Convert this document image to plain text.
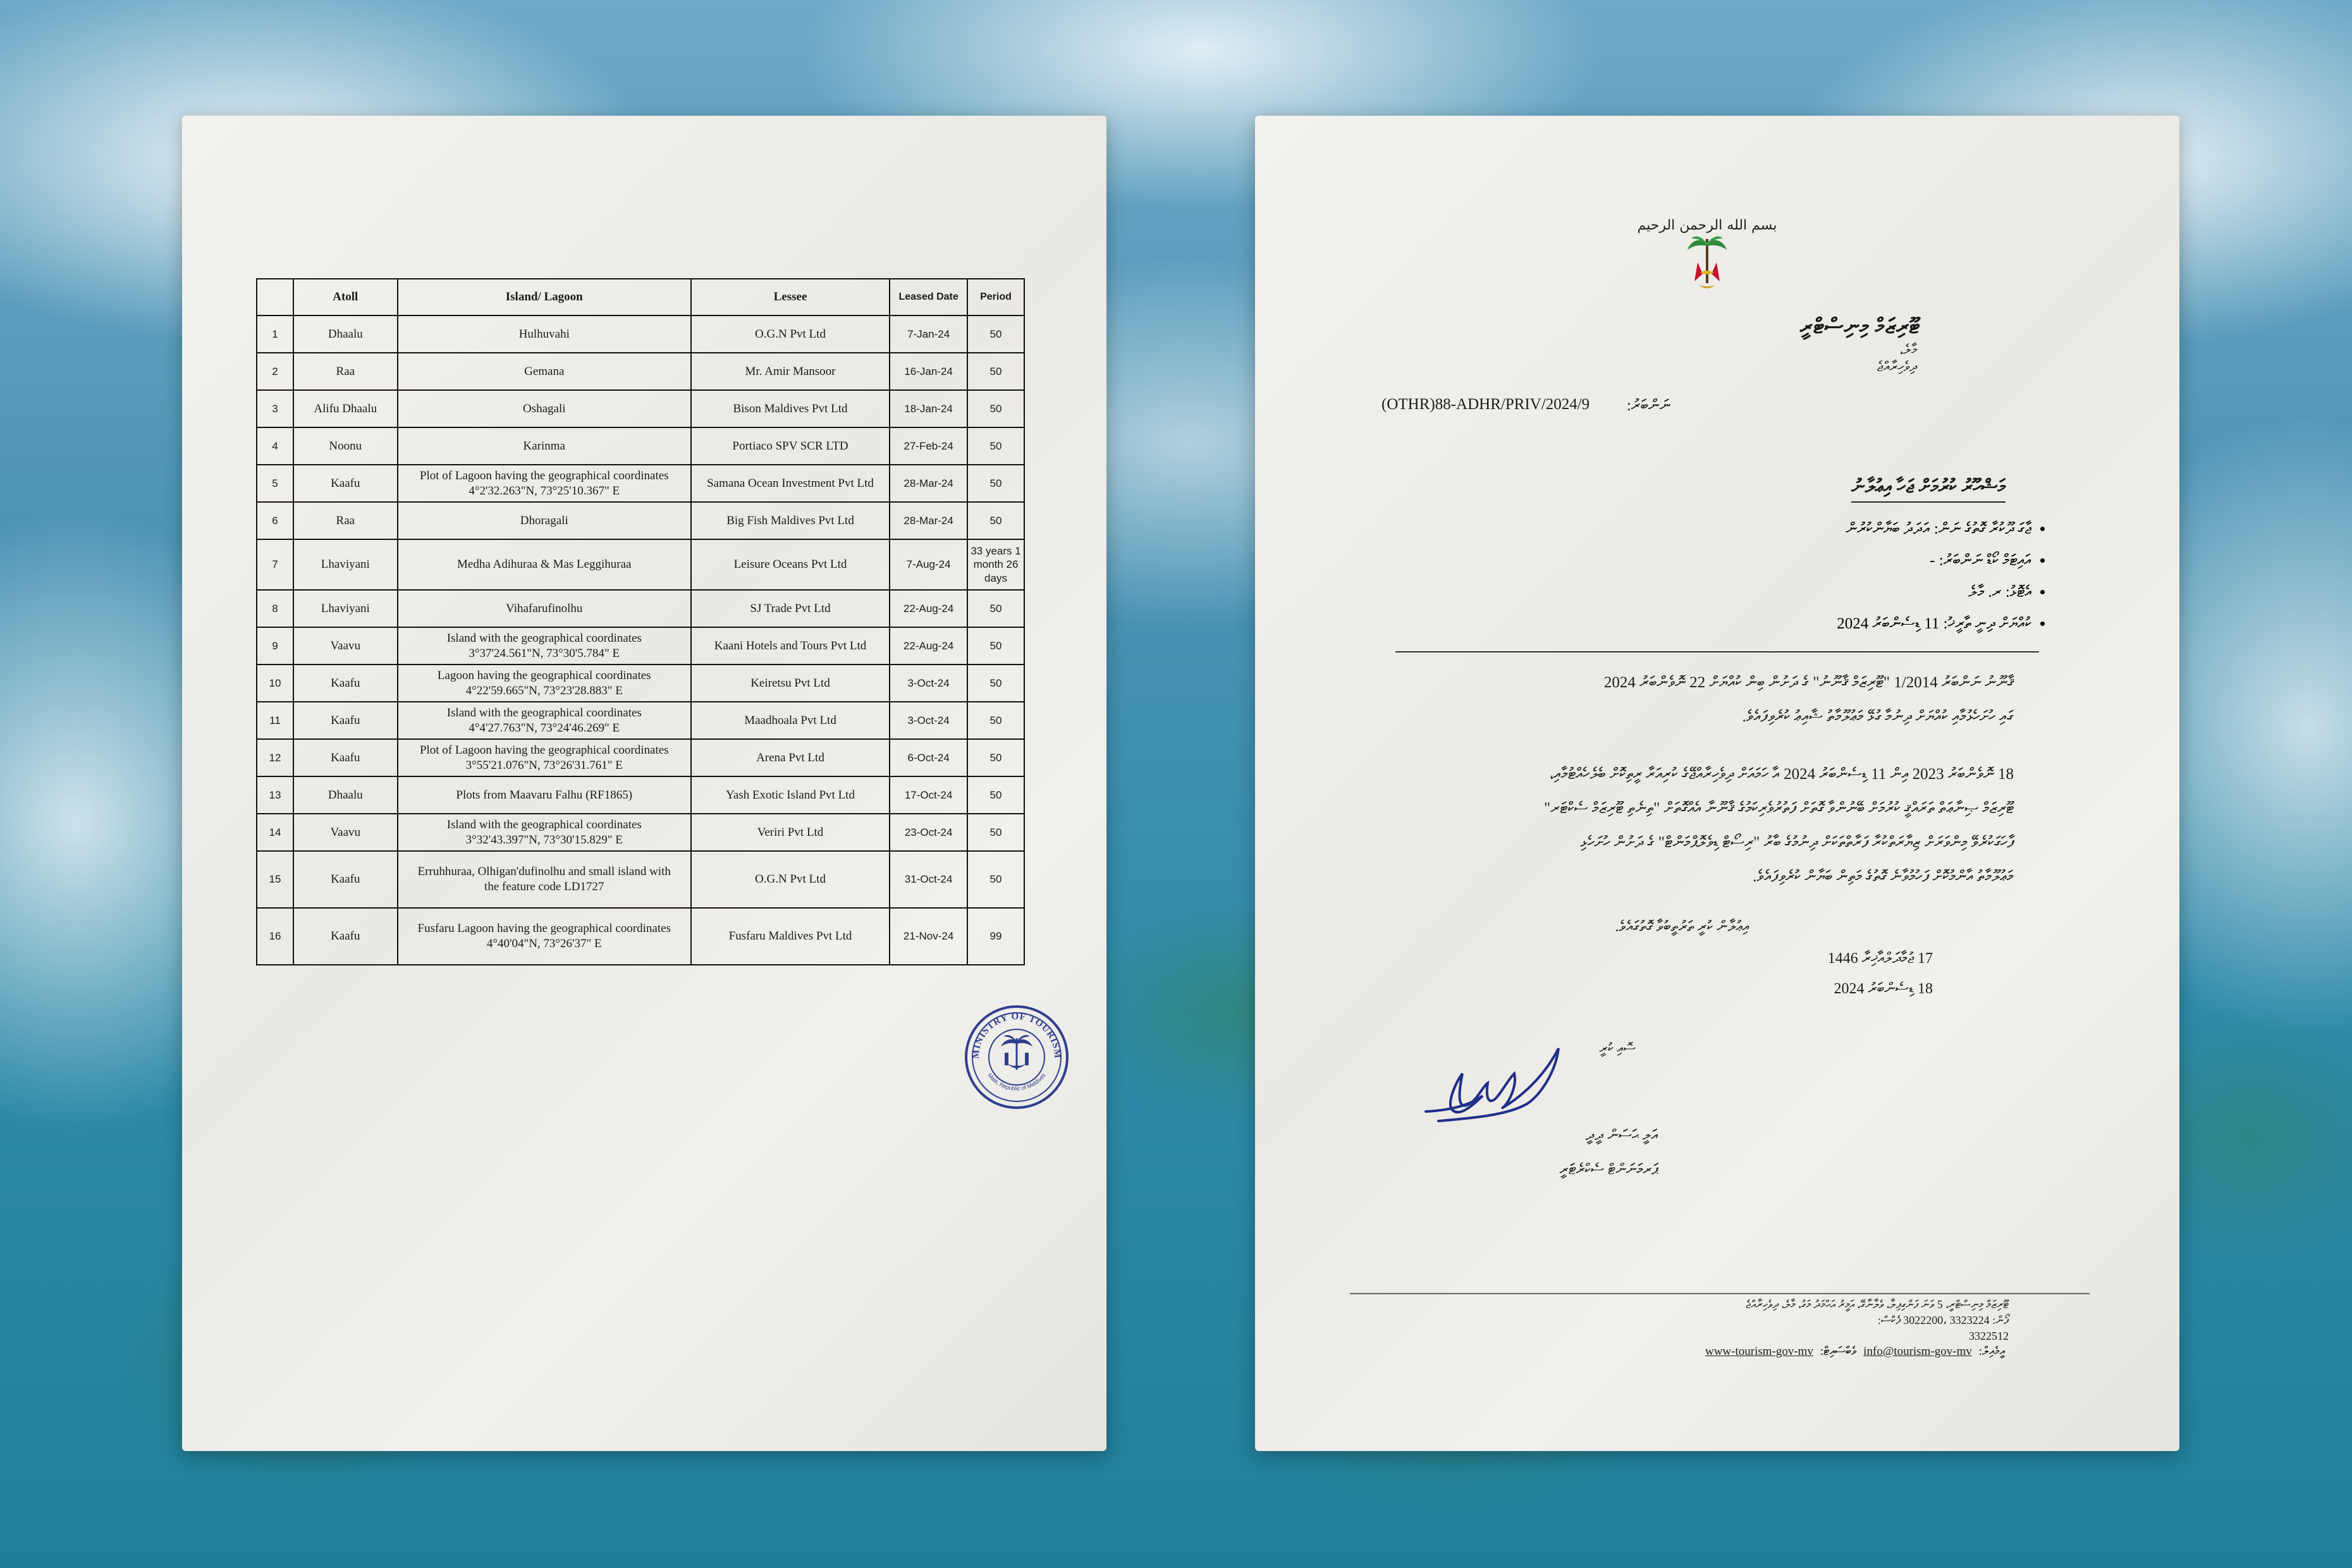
	Atoll	Island/ Lagoon	Lessee	Leased Date	Period
1	Dhaalu	Hulhuvahi	O.G.N Pvt Ltd	7-Jan-24	50

2	Raa	Gemana	Mr. Amir Mansoor	16-Jan-24	50

3	Alifu Dhaalu	Oshagali	Bison Maldives Pvt Ltd	18-Jan-24	50

4	Noonu	Karinma	Portiaco SPV SCR LTD	27-Feb-24	50

5	Kaafu	Plot of Lagoon having the geographical coordinates
4°2'32.263"N, 73°25'10.367" E	Samana Ocean Investment Pvt Ltd	28-Mar-24	50

6	Raa	Dhoragali	Big Fish Maldives Pvt Ltd	28-Mar-24	50

7	Lhaviyani	Medha Adihuraa & Mas Leggihuraa	Leisure Oceans Pvt Ltd	7-Aug-24	33 years 1
month 26 days

8	Lhaviyani	Vihafarufinolhu	SJ Trade Pvt Ltd	22-Aug-24	50

9	Vaavu	Island with the geographical coordinates
3°37'24.561"N, 73°30'5.784" E	Kaani Hotels and Tours Pvt Ltd	22-Aug-24	50

10	Kaafu	Lagoon having the geographical coordinates
4°22'59.665"N, 73°23'28.883" E	Keiretsu Pvt Ltd	3-Oct-24	50

11	Kaafu	Island with the geographical coordinates
4°4'27.763"N, 73°24'46.269" E	Maadhoala Pvt Ltd	3-Oct-24	50

12	Kaafu	Plot of Lagoon having the geographical coordinates
3°55'21.076"N, 73°26'31.761" E	Arena Pvt Ltd	6-Oct-24	50

13	Dhaalu	Plots from Maavaru Falhu (RF1865)	Yash Exotic Island Pvt Ltd	17-Oct-24	50

14	Vaavu	Island with the geographical coordinates
3°32'43.397"N, 73°30'15.829" E	Veriri Pvt Ltd	23-Oct-24	50

15	Kaafu	Erruhhuraa, Olhigan'dufinolhu and small island with
the feature code LD1727	O.G.N Pvt Ltd	31-Oct-24	50

16	Kaafu	Fusfaru Lagoon having the geographical coordinates
4°40'04"N, 73°26'37" E	Fusfaru Maldives Pvt Ltd	21-Nov-24	99
MINISTRY OF TOURISM
Malé, Republic of Maldives
بسم الله الرحمن الرحيم
ޓޫރިޒަމް މިނިސްޓްރީ
މާލެ،
ދިވެހިރާއްޖެ
ނަންބަރު:
(OTHR)88-ADHR/PRIV/2024/9
މަޝްހޫރު ކުރުމަށް ޖަހާ އިޢުލާނު
• ޖާގަ ދޫކުރާ ގޮތުގެ ނަން: އަދަދު ބަޔާންކުރުން
• އައިޓަމް ކޯޑް ނަންބަރު: -
• އެޓޮޅު: ރ. މާލެ
• ކުއްޔަށް ދިނީ ތާރީޚު: 11 ޑިސެންބަރު 2024
ޤާނޫނު ނަންބަރު 1/2014 "ޓޫރިޒަމް ޤާނޫނު" ގެ ދަށުން ބިން ކުއްޔަށް 22 ނޮވެންބަރު 2024
ގައި ހުށަހެޅުމާއި ކުއްޔަށް ދިނުމާ ގުޅޭ މަޢުލޫމާތު ޝާއިޢު ކުރެވިފައެވެ.
18 ނޮވެންބަރު 2023 އިން 11 ޑިސެންބަރު 2024 އާ ހަމައަށް ދިވެހިރާއްޖޭގެ ކުރިއަރާ ރީތިކޮށް ބެލެހެއްޓުމާއި،
ޓޫރިޒަމް ޞިނާޢަތް ތަރައްޤީ ކުރުމަށް ބޭނުންވާ ގޮތަށް ފަތުރުވެރިކަމުގެ ޤާނޫނާ އެއްގޮތަށް "ތިނެތި ޓޫރިޒަމް ސެކްޓަރ"
ފާހަގަކުރެވޭ މިންވަރަށް ޒިޔާރަތްކުރާ ފަރާތްތަކަށް ދިނުމުގެ ބާރު "ރިސޯޓް ޑިވެލޮޕްމަންޓް" ގެ ދަށުން ހުށަހެޅި
މަޢުލޫމާތު އާންމުކޮށް ފަހުމުވާނެ ގޮތުގެ މަތިން ބަޔާން ކުރެވިފައެވެ.
އިޢުލާން ކުރީ ތަރުތީބުވާ ގޮތުގައެވެ.
17 ޖުމާދަލްއާޚިރާ 1446
18 ޑިސެންބަރު 2024
ސޮއި ކުރީ
އަލީ ޙަސަން ދީދީ
ޕަރމަނަންޓް ސެކްރެޓަރީ
ޓޫރިޒަމް މިނިސްޓްރީ، 5 ވަނަ ފަންގިފިލާ، ވެލާނާގޭ، އަމީރު އަޙްމަދު މަގު، މާލެ، ދިވެހިރާއްޖެ
ފޯން: 3323224 ،3022200 ފެކްސް:
3322512
އީމެއިލް: info@tourism-gov-mv ވެބްސައިޓް: www-tourism-gov-mv
